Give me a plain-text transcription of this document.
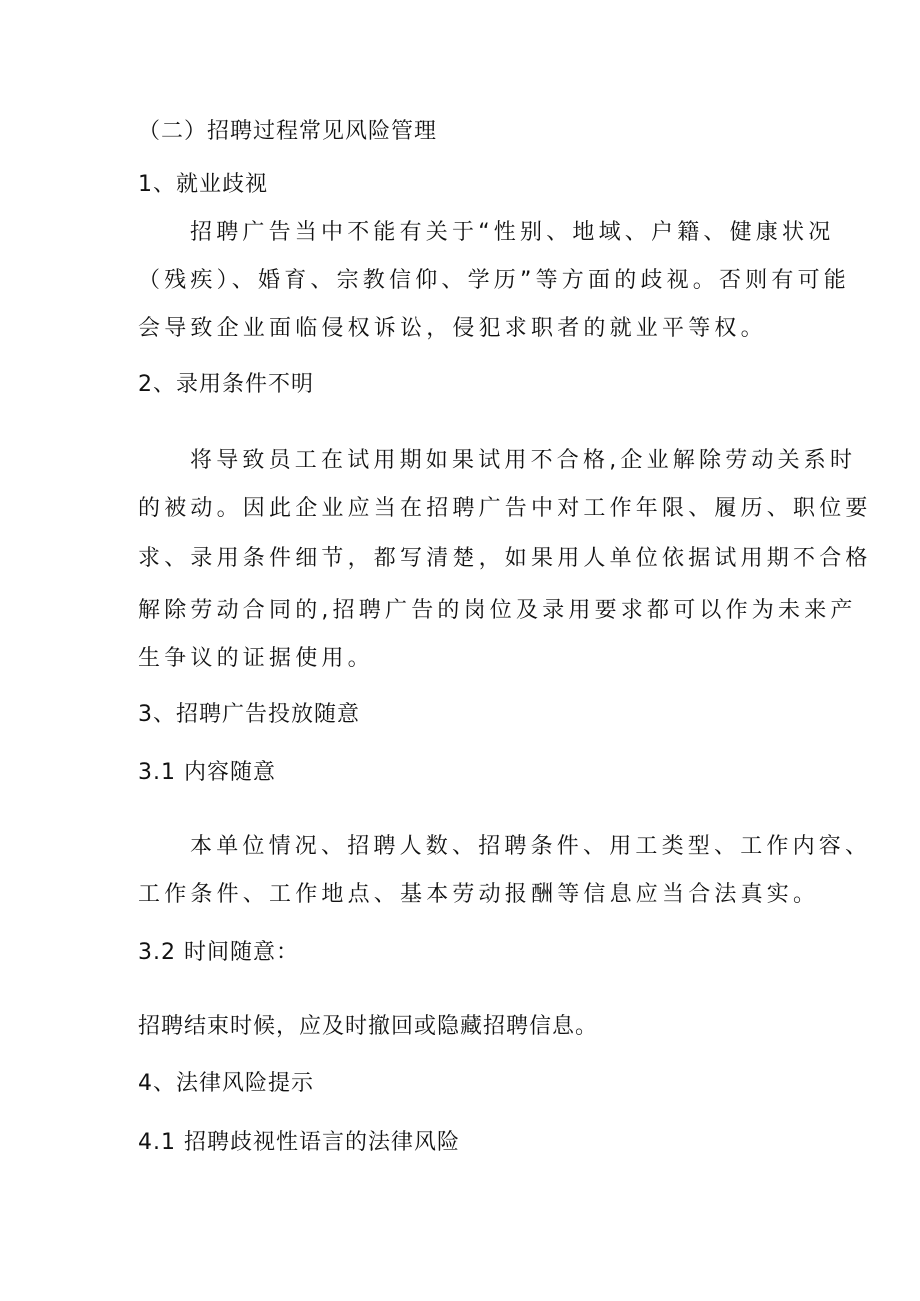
（二）招聘过程常见风险管理
1、就业歧视
招聘广告当中不能有关于“性别、地域、户籍、健康状况
（残疾）、婚育、宗教信仰、学历”等方面的歧视。否则有可能
会导致企业面临侵权诉讼，侵犯求职者的就业平等权。
2、录用条件不明
将导致员工在试用期如果试用不合格,企业解除劳动关系时
的被动。因此企业应当在招聘广告中对工作年限、履历、职位要
求、录用条件细节，都写清楚，如果用人单位依据试用期不合格
解除劳动合同的,招聘广告的岗位及录用要求都可以作为未来产
生争议的证据使用。
3、招聘广告投放随意
3.1 内容随意
本单位情况、招聘人数、招聘条件、用工类型、工作内容、
工作条件、工作地点、基本劳动报酬等信息应当合法真实。
3.2 时间随意：
招聘结束时候，应及时撤回或隐藏招聘信息。
4、法律风险提示
4.1 招聘歧视性语言的法律风险
